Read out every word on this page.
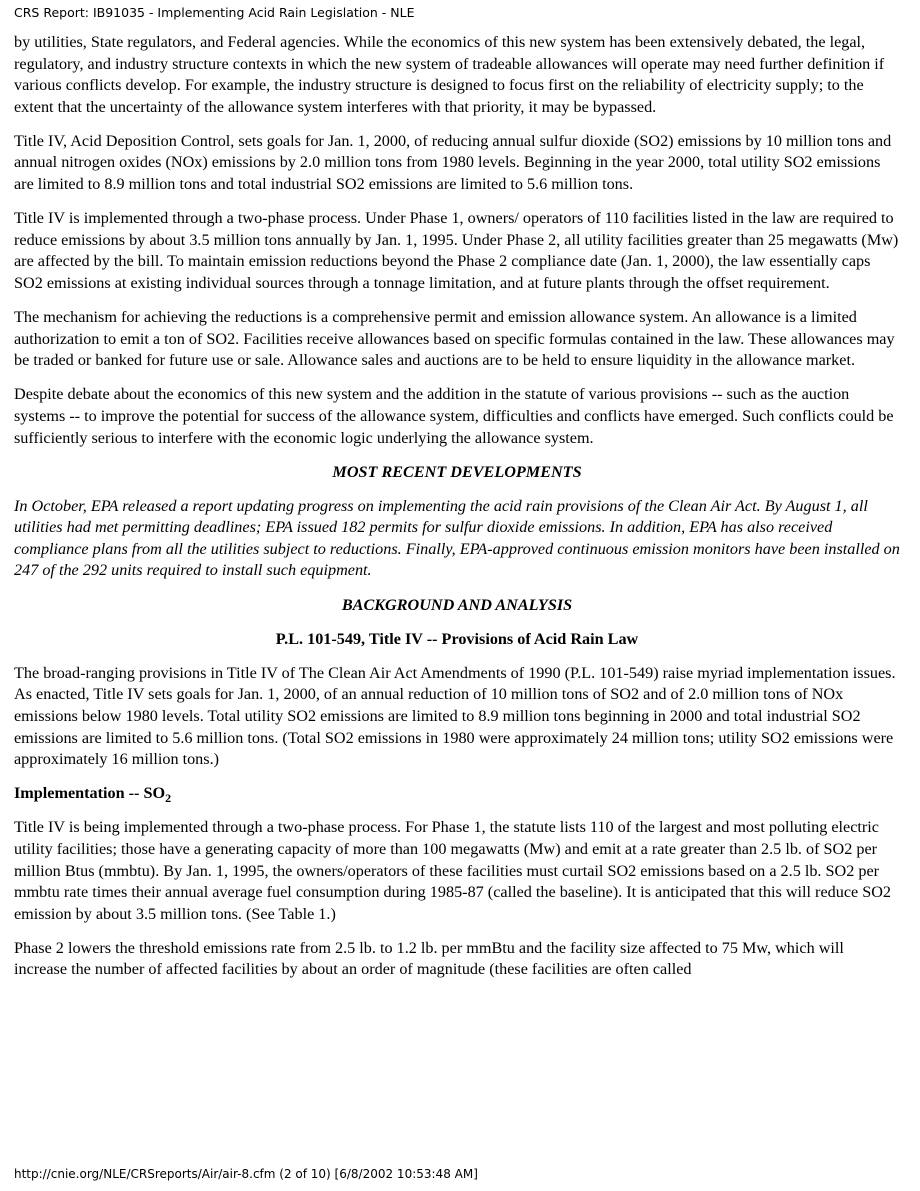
CRS Report: IB91035 - Implementing Acid Rain Legislation - NLE

by utilities, State regulators, and Federal agencies. While the economics of this new system has been extensively debated, the legal, regulatory, and industry structure contexts in which the new system of tradeable allowances will operate may need further definition if various conflicts develop. For example, the industry structure is designed to focus first on the reliability of electricity supply; to the extent that the uncertainty of the allowance system interferes with that priority, it may be bypassed.

Title IV, Acid Deposition Control, sets goals for Jan. 1, 2000, of reducing annual sulfur dioxide (SO2) emissions by 10 million tons and annual nitrogen oxides (NOx) emissions by 2.0 million tons from 1980 levels. Beginning in the year 2000, total utility SO2 emissions are limited to 8.9 million tons and total industrial SO2 emissions are limited to 5.6 million tons.

Title IV is implemented through a two-phase process. Under Phase 1, owners/ operators of 110 facilities listed in the law are required to reduce emissions by about 3.5 million tons annually by Jan. 1, 1995. Under Phase 2, all utility facilities greater than 25 megawatts (Mw) are affected by the bill. To maintain emission reductions beyond the Phase 2 compliance date (Jan. 1, 2000), the law essentially caps SO2 emissions at existing individual sources through a tonnage limitation, and at future plants through the offset requirement.

The mechanism for achieving the reductions is a comprehensive permit and emission allowance system. An allowance is a limited authorization to emit a ton of SO2. Facilities receive allowances based on specific formulas contained in the law. These allowances may be traded or banked for future use or sale. Allowance sales and auctions are to be held to ensure liquidity in the allowance market.

Despite debate about the economics of this new system and the addition in the statute of various provisions -- such as the auction systems -- to improve the potential for success of the allowance system, difficulties and conflicts have emerged. Such conflicts could be sufficiently serious to interfere with the economic logic underlying the allowance system.

MOST RECENT DEVELOPMENTS

In October, EPA released a report updating progress on implementing the acid rain provisions of the Clean Air Act. By August 1, all utilities had met permitting deadlines; EPA issued 182 permits for sulfur dioxide emissions. In addition, EPA has also received compliance plans from all the utilities subject to reductions. Finally, EPA-approved continuous emission monitors have been installed on 247 of the 292 units required to install such equipment.

BACKGROUND AND ANALYSIS

P.L. 101-549, Title IV -- Provisions of Acid Rain Law

The broad-ranging provisions in Title IV of The Clean Air Act Amendments of 1990 (P.L. 101-549) raise myriad implementation issues. As enacted, Title IV sets goals for Jan. 1, 2000, of an annual reduction of 10 million tons of SO2 and of 2.0 million tons of NOx emissions below 1980 levels. Total utility SO2 emissions are limited to 8.9 million tons beginning in 2000 and total industrial SO2 emissions are limited to 5.6 million tons. (Total SO2 emissions in 1980 were approximately 24 million tons; utility SO2 emissions were approximately 16 million tons.)

Implementation -- $SO_2$

Title IV is being implemented through a two-phase process. For Phase 1, the statute lists 110 of the largest and most polluting electric utility facilities; those have a generating capacity of more than 100 megawatts (Mw) and emit at a rate greater than 2.5 lb. of SO2 per million Btus (mmbtu). By Jan. 1, 1995, the owners/operators of these facilities must curtail SO2 emissions based on a 2.5 lb. SO2 per mmbtu rate times their annual average fuel consumption during 1985-87 (called the baseline). It is anticipated that this will reduce SO2 emission by about 3.5 million tons. (See Table 1.)

Phase 2 lowers the threshold emissions rate from 2.5 lb. to 1.2 lb. per mmBtu and the facility size affected to 75 Mw, which will increase the number of affected facilities by about an order of magnitude (these facilities are often called

http://cnie.org/NLE/CRSreports/Air/air-8.cfm (2 of 10) [6/8/2002 10:53:48 AM]
